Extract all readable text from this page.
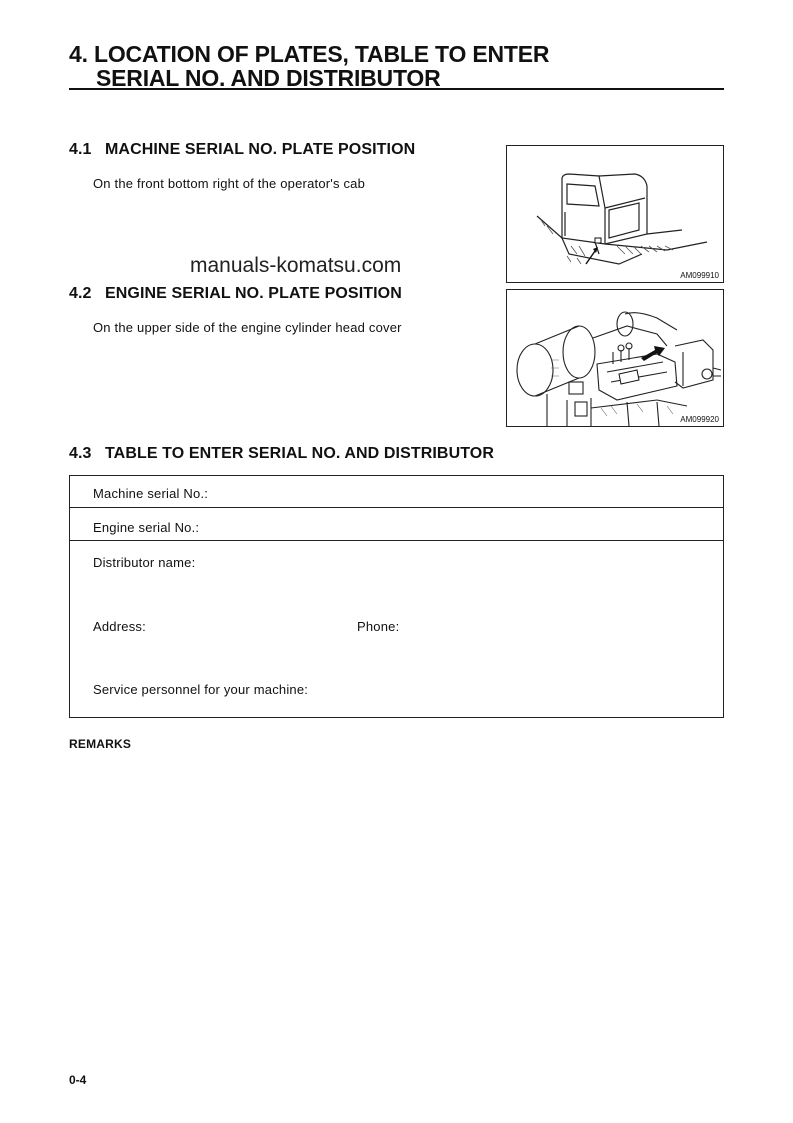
4. LOCATION OF PLATES, TABLE TO ENTER
SERIAL NO. AND DISTRIBUTOR
4.1 MACHINE SERIAL NO. PLATE POSITION
On the front bottom right of the operator's cab
AM099910
manuals-komatsu.com
4.2 ENGINE SERIAL NO. PLATE POSITION
On the upper side of the engine cylinder head cover
AM099920
4.3 TABLE TO ENTER SERIAL NO. AND DISTRIBUTOR
Machine serial No.:
Engine serial No.:
Distributor name:
Address:	Phone:
Service personnel for your machine:
REMARKS
0-4
